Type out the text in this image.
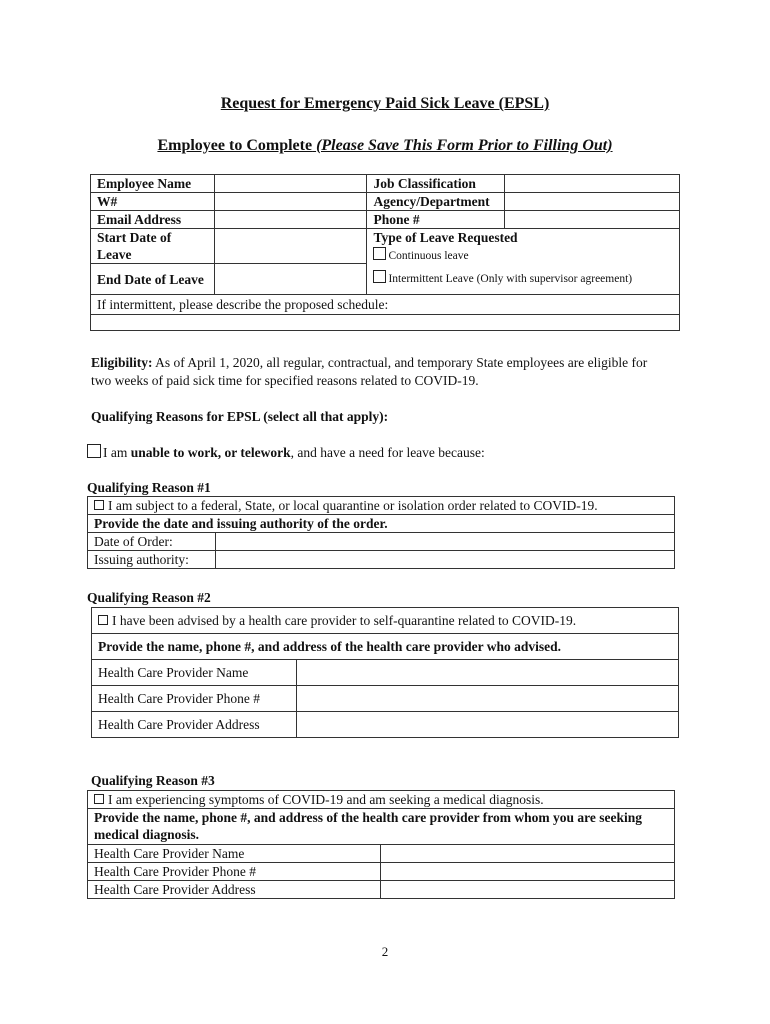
Request for Emergency Paid Sick Leave (EPSL)
Employee to Complete (Please Save This Form Prior to Filling Out)
Employee Name		Job Classification	
W#		Agency/Department	
Email Address		Phone #	
Start Date of Leave		Type of Leave Requested
Continuous leave
Intermittent Leave (Only with supervisor agreement)	

End Date of Leave			
If intermittent, please describe the proposed schedule:			

Eligibility: As of April 1, 2020, all regular, contractual, and temporary State employees are eligible for two weeks of paid sick time for specified reasons related to COVID-19.
Qualifying Reasons for EPSL (select all that apply):
I am unable to work, or telework, and have a need for leave because:
Qualifying Reason #1
I am subject to a federal, State, or local quarantine or isolation order related to COVID-19.	
Provide the date and issuing authority of the order.	
Date of Order:	
Issuing authority:	
Qualifying Reason #2
I have been advised by a health care provider to self-quarantine related to COVID-19.	
Provide the name, phone #, and address of the health care provider who advised.	
Health Care Provider Name	
Health Care Provider Phone #	
Health Care Provider Address	
Qualifying Reason #3
I am experiencing symptoms of COVID-19 and am seeking a medical diagnosis.	
Provide the name, phone #, and address of the health care provider from whom you are seeking medical diagnosis.	
Health Care Provider Name	
Health Care Provider Phone #	
Health Care Provider Address	
2
